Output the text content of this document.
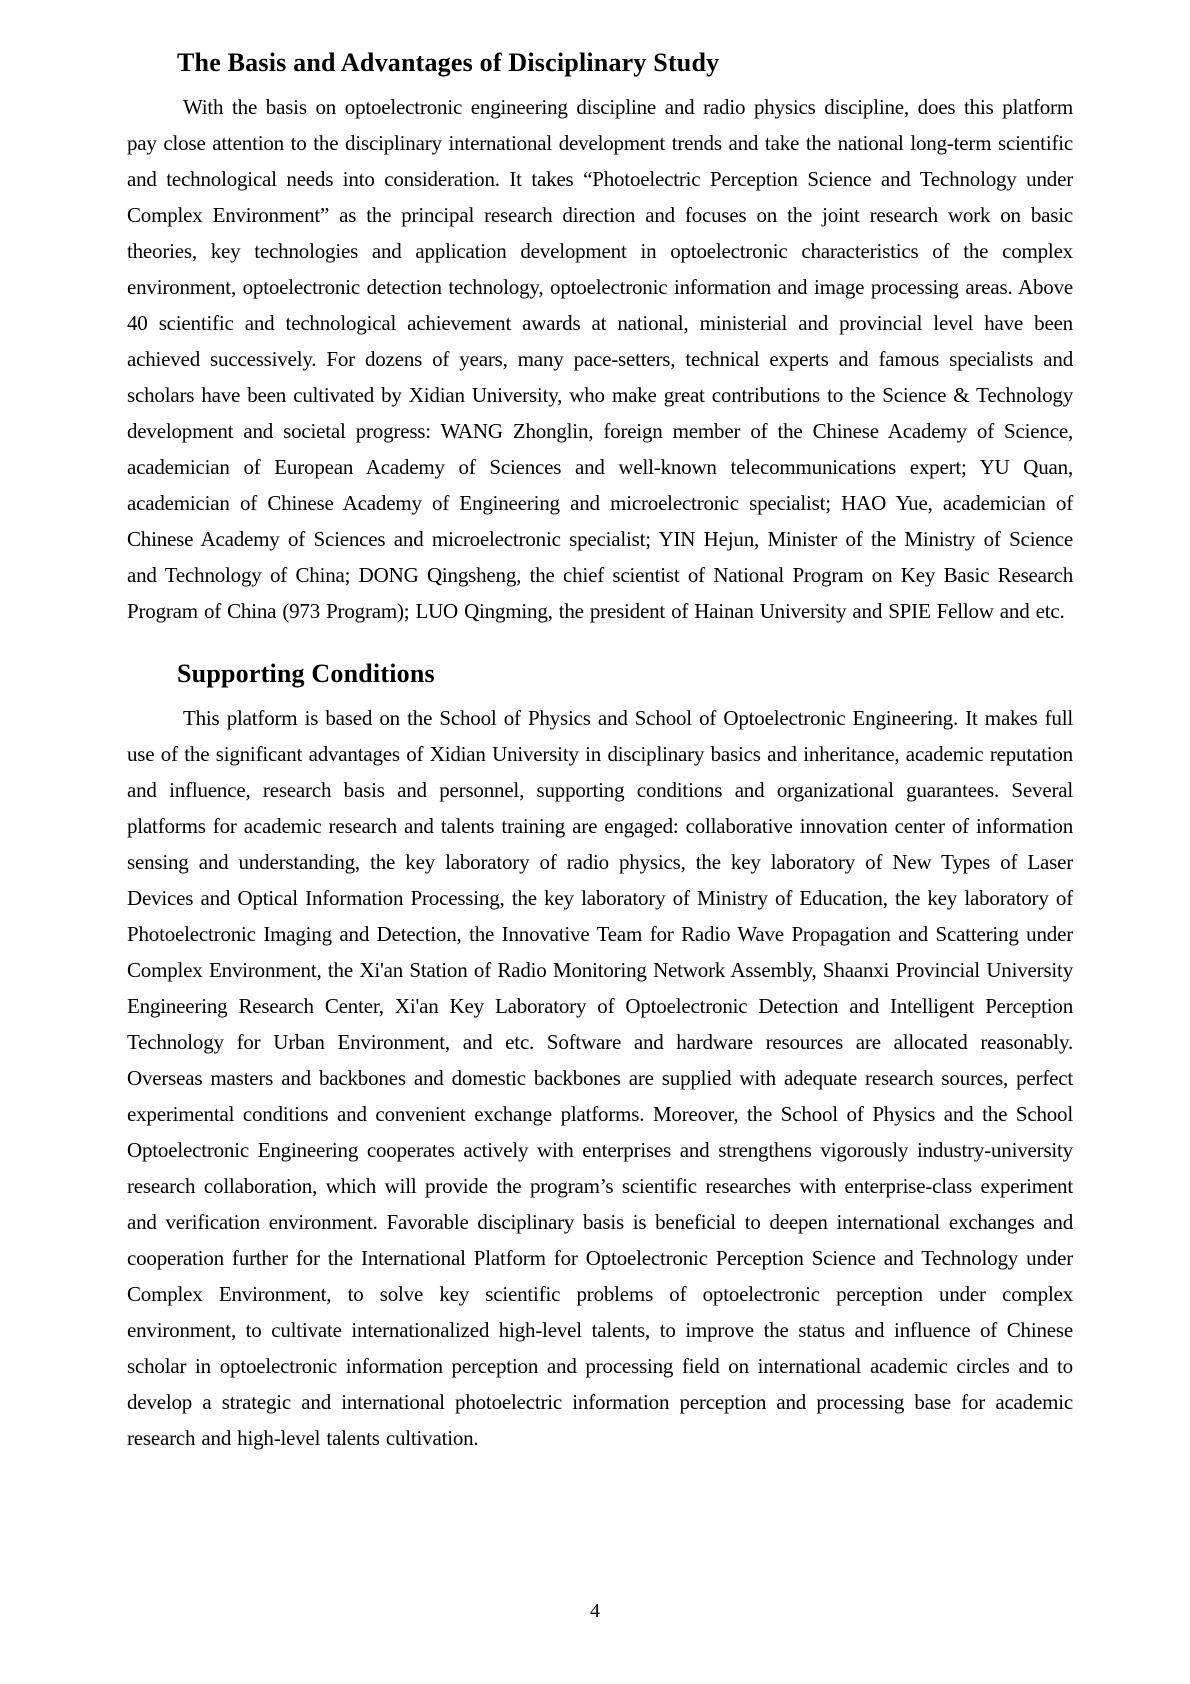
The Basis and Advantages of Disciplinary Study

With the basis on optoelectronic engineering discipline and radio physics discipline, does this platform pay close attention to the disciplinary international development trends and take the national long-term scientific and technological needs into consideration. It takes “Photoelectric Perception Science and Technology under Complex Environment” as the principal research direction and focuses on the joint research work on basic theories, key technologies and application development in optoelectronic characteristics of the complex environment, optoelectronic detection technology, optoelectronic information and image processing areas. Above 40 scientific and technological achievement awards at national, ministerial and provincial level have been achieved successively. For dozens of years, many pace-setters, technical experts and famous specialists and scholars have been cultivated by Xidian University, who make great contributions to the Science & Technology development and societal progress: WANG Zhonglin, foreign member of the Chinese Academy of Science, academician of European Academy of Sciences and well-known telecommunications expert; YU Quan, academician of Chinese Academy of Engineering and microelectronic specialist; HAO Yue, academician of Chinese Academy of Sciences and microelectronic specialist; YIN Hejun, Minister of the Ministry of Science and Technology of China; DONG Qingsheng, the chief scientist of National Program on Key Basic Research Program of China (973 Program); LUO Qingming, the president of Hainan University and SPIE Fellow and etc.

Supporting Conditions

This platform is based on the School of Physics and School of Optoelectronic Engineering. It makes full use of the significant advantages of Xidian University in disciplinary basics and inheritance, academic reputation and influence, research basis and personnel, supporting conditions and organizational guarantees. Several platforms for academic research and talents training are engaged: collaborative innovation center of information sensing and understanding, the key laboratory of radio physics, the key laboratory of New Types of Laser Devices and Optical Information Processing, the key laboratory of Ministry of Education, the key laboratory of Photoelectronic Imaging and Detection, the Innovative Team for Radio Wave Propagation and Scattering under Complex Environment, the Xi'an Station of Radio Monitoring Network Assembly, Shaanxi Provincial University Engineering Research Center, Xi'an Key Laboratory of Optoelectronic Detection and Intelligent Perception Technology for Urban Environment, and etc. Software and hardware resources are allocated reasonably. Overseas masters and backbones and domestic backbones are supplied with adequate research sources, perfect experimental conditions and convenient exchange platforms. Moreover, the School of Physics and the School Optoelectronic Engineering cooperates actively with enterprises and strengthens vigorously industry-university research collaboration, which will provide the program’s scientific researches with enterprise-class experiment and verification environment. Favorable disciplinary basis is beneficial to deepen international exchanges and cooperation further for the International Platform for Optoelectronic Perception Science and Technology under Complex Environment, to solve key scientific problems of optoelectronic perception under complex environment, to cultivate internationalized high-level talents, to improve the status and influence of Chinese scholar in optoelectronic information perception and processing field on international academic circles and to develop a strategic and international photoelectric information perception and processing base for academic research and high-level talents cultivation.

4
